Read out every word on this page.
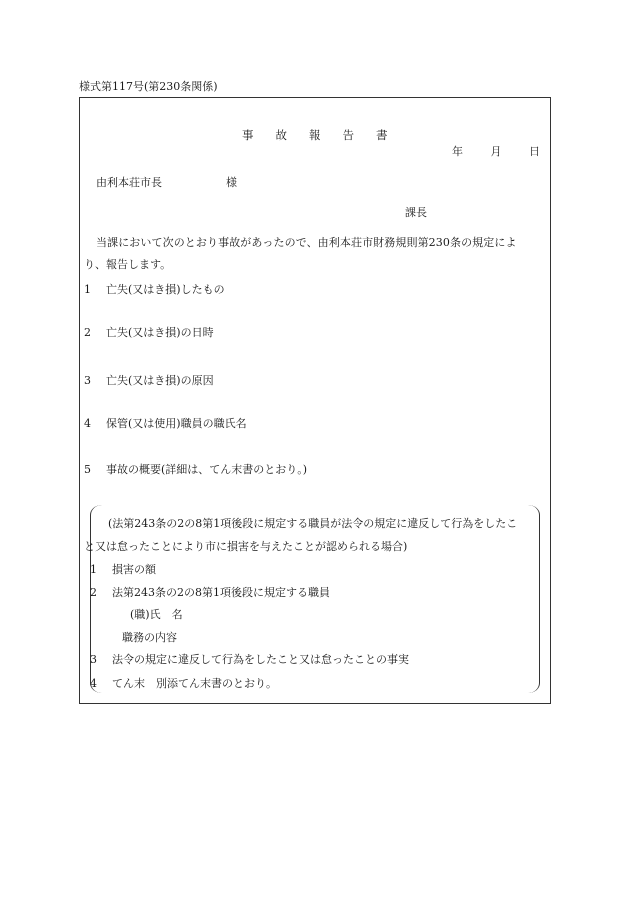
様式第117号(第230条関係)
事故報告書
年	月	日
由利本荘市長	様
課長
当課において次のとおり事故があったので、由利本荘市財務規則第230条の規定によ
り、報告します。
1 亡失(又はき損)したもの
2 亡失(又はき損)の日時
3 亡失(又はき損)の原因
4 保管(又は使用)職員の職氏名
5 事故の概要(詳細は、てん末書のとおり。)
(法第243条の2の8第1項後段に規定する職員が法令の規定に違反して行為をしたこ
と又は怠ったことにより市に損害を与えたことが認められる場合)
1 損害の額
2 法第243条の2の8第1項後段に規定する職員
(職)氏　名
職務の内容
3 法令の規定に違反して行為をしたこと又は怠ったことの事実
4 てん末　別添てん末書のとおり。
